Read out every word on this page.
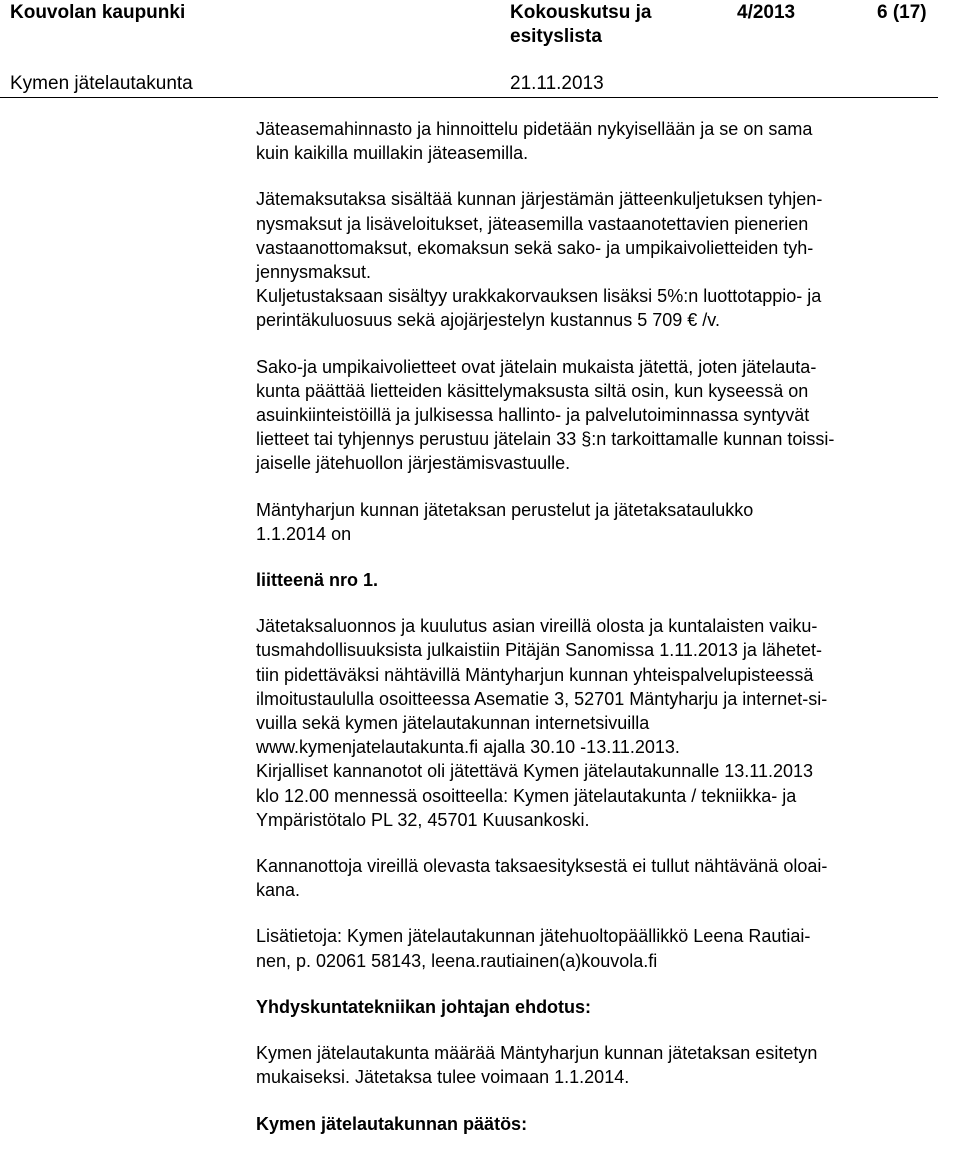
Kouvolan kaupunki	Kokouskutsu ja
esityslista
4/2013	6 (17)
Kymen jätelautakunta	21.11.2013

Jäteasemahinnasto ja hinnoittelu pidetään nykyisellään ja se on sama
kuin kaikilla muillakin jäteasemilla.

Jätemaksutaksa sisältää kunnan järjestämän jätteenkuljetuksen tyhjen-
nysmaksut ja lisäveloitukset, jäteasemilla vastaanotettavien pienerien
vastaanottomaksut, ekomaksun sekä sako- ja umpikaivolietteiden tyh-
jennysmaksut.

Kuljetustaksaan sisältyy urakkakorvauksen lisäksi 5%:n luottotappio- ja
perintäkuluosuus sekä ajojärjestelyn kustannus 5 709 € /v.

Sako-ja umpikaivolietteet ovat jätelain mukaista jätettä, joten jätelauta-
kunta päättää lietteiden käsittelymaksusta siltä osin, kun kyseessä on
asuinkiinteistöillä ja julkisessa hallinto- ja palvelutoiminnassa syntyvät
lietteet tai tyhjennys perustuu jätelain 33 §:n tarkoittamalle kunnan toissi-
jaiselle jätehuollon järjestämisvastuulle.

Mäntyharjun kunnan jätetaksan perustelut ja jätetaksataulukko
1.1.2014 on

liitteenä nro 1.

Jätetaksaluonnos ja kuulutus asian vireillä olosta ja kuntalaisten vaiku-
tusmahdollisuuksista julkaistiin Pitäjän Sanomissa 1.11.2013 ja lähetet-
tiin pidettäväksi nähtävillä Mäntyharjun kunnan yhteispalvelupisteessä
ilmoitustaululla osoitteessa Asematie 3, 52701 Mäntyharju ja internet-si-
vuilla sekä kymen jätelautakunnan internetsivuilla
www.kymenjatelautakunta.fi ajalla 30.10 -13.11.2013.

Kirjalliset kannanotot oli jätettävä Kymen jätelautakunnalle 13.11.2013
klo 12.00 mennessä osoitteella: Kymen jätelautakunta / tekniikka- ja
Ympäristötalo PL 32, 45701 Kuusankoski.

Kannanottoja vireillä olevasta taksaesityksestä ei tullut nähtävänä oloai-
kana.

Lisätietoja: Kymen jätelautakunnan jätehuoltopäällikkö Leena Rautiai-
nen, p. 02061 58143, leena.rautiainen(a)kouvola.fi

Yhdyskuntatekniikan johtajan ehdotus:

Kymen jätelautakunta määrää Mäntyharjun kunnan jätetaksan esitetyn
mukaiseksi. Jätetaksa tulee voimaan 1.1.2014.

Kymen jätelautakunnan päätös:
